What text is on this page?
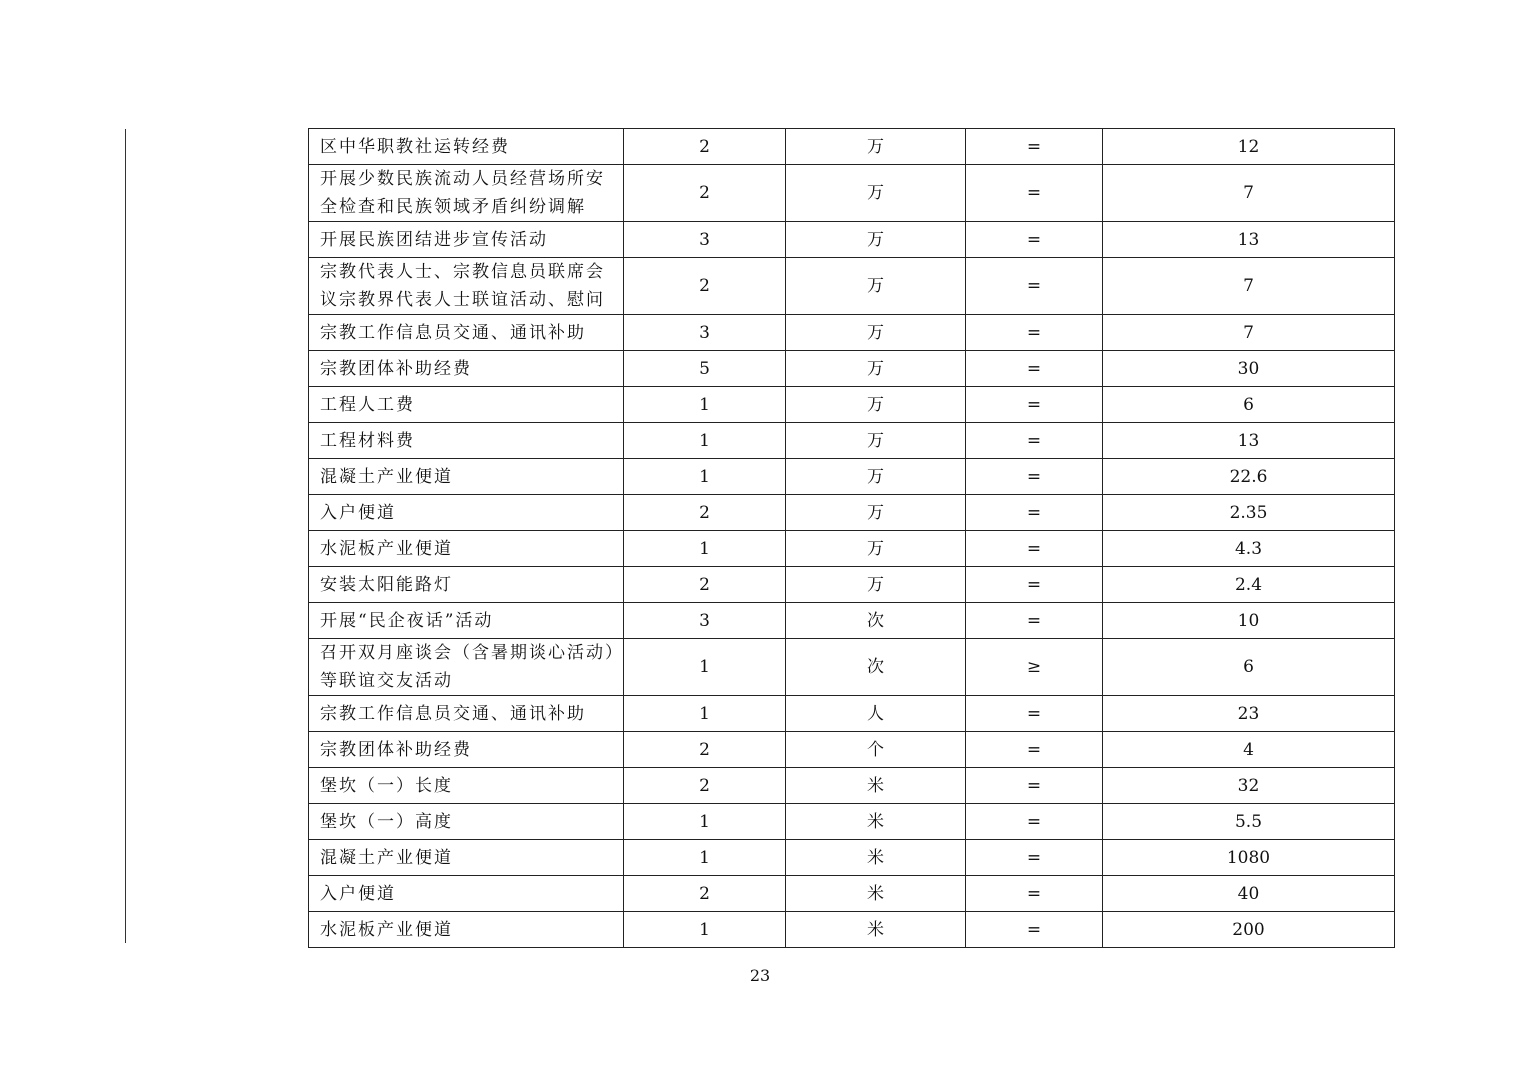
区中华职教社运转经费	2	万	=	12
开展少数民族流动人员经营场所安全检查和民族领域矛盾纠纷调解	2	万	=	7
开展民族团结进步宣传活动	3	万	=	13
宗教代表人士、宗教信息员联席会议宗教界代表人士联谊活动、慰问	2	万	=	7
宗教工作信息员交通、通讯补助	3	万	=	7
宗教团体补助经费	5	万	=	30
工程人工费	1	万	=	6
工程材料费	1	万	=	13
混凝土产业便道	1	万	=	22.6
入户便道	2	万	=	2.35
水泥板产业便道	1	万	=	4.3
安装太阳能路灯	2	万	=	2.4
开展“民企夜话”活动	3	次	=	10
召开双月座谈会（含暑期谈心活动）等联谊交友活动	1	次	≥	6
宗教工作信息员交通、通讯补助	1	人	=	23
宗教团体补助经费	2	个	=	4
堡坎（一）长度	2	米	=	32
堡坎（一）高度	1	米	=	5.5
混凝土产业便道	1	米	=	1080
入户便道	2	米	=	40
水泥板产业便道	1	米	=	200
23
